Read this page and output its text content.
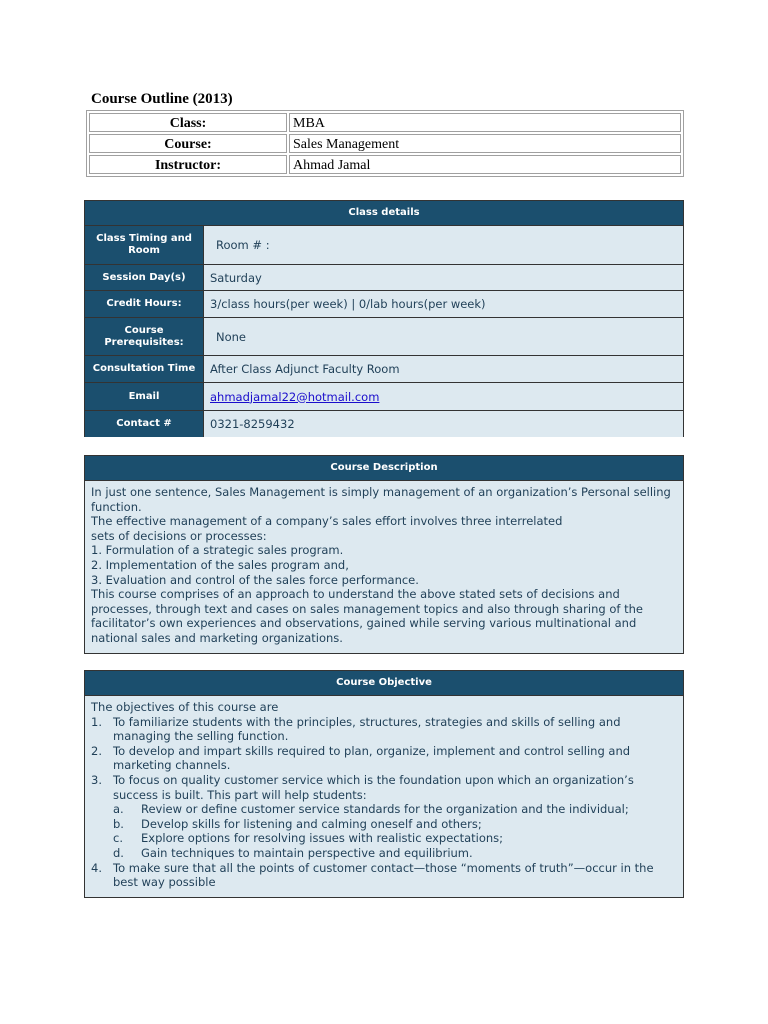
Course Outline (2013)
Class:	MBA
Course:	Sales Management
Instructor:	Ahmad Jamal
Class details
Class Timing and Room	Room # :
Session Day(s)	Saturday
Credit Hours:	3/class hours(per week) | 0/lab hours(per week)
Course Prerequisites:	None
Consultation Time	After Class Adjunct Faculty Room
Email	ahmadjamal22@hotmail.com
Contact #	0321-8259432
Course Description
In just one sentence, Sales Management is simply management of an organization’s Personal selling function.
The effective management of a company’s sales effort involves three interrelated
sets of decisions or processes:
1. Formulation of a strategic sales program.
2. Implementation of the sales program and,
3. Evaluation and control of the sales force performance.
This course comprises of an approach to understand the above stated sets of decisions and processes, through text and cases on sales management topics and also through sharing of the facilitator’s own experiences and observations, gained while serving various multinational and national sales and marketing organizations.
Course Objective
The objectives of this course are
1. To familiarize students with the principles, structures, strategies and skills of selling and managing the selling function.
2. To develop and impart skills required to plan, organize, implement and control selling and marketing channels.
3. To focus on quality customer service which is the foundation upon which an organization’s success is built. This part will help students:
a.	Review or define customer service standards for the organization and the individual;
b.	Develop skills for listening and calming oneself and others;
c.	Explore options for resolving issues with realistic expectations;
d.	Gain techniques to maintain perspective and equilibrium.
4. To make sure that all the points of customer contact—those “moments of truth”—occur in the best way possible
